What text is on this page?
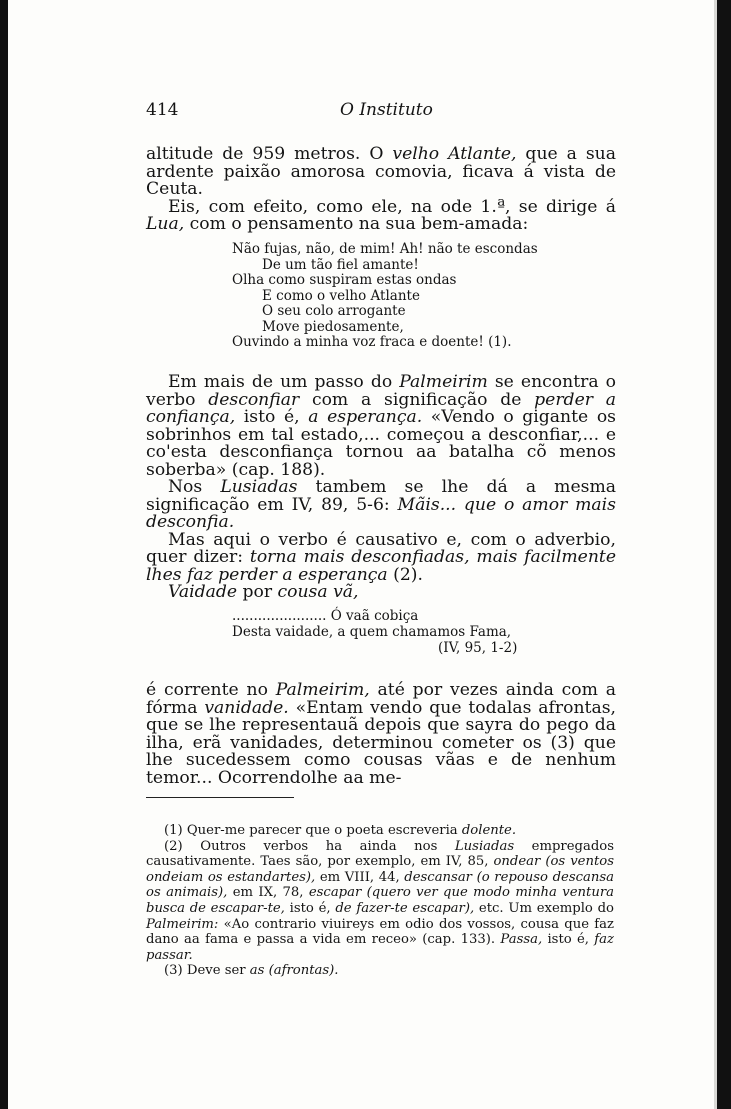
414	O Instituto

altitude de 959 metros. O velho Atlante, que a sua ardente paixão amorosa comovia, ficava á vista de Ceuta.

Eis, com efeito, como ele, na ode 1.ª, se dirige á Lua, com o pensamento na sua bem-amada:

Não fujas, não, de mim! Ah! não te escondas
De um tão fiel amante!
Olha como suspiram estas ondas
E como o velho Atlante
O seu colo arrogante
Move piedosamente,
Ouvindo a minha voz fraca e doente! (1).

Em mais de um passo do Palmeirim se encontra o verbo desconfiar com a significação de perder a confiança, isto é, a esperança. «Vendo o gigante os sobrinhos em tal estado,... começou a desconfiar,... e co'esta desconfiança tornou aa batalha cõ menos soberba» (cap. 188).

Nos Lusiadas tambem se lhe dá a mesma significação em IV, 89, 5-6: Mãis... que o amor mais desconfia.

Mas aqui o verbo é causativo e, com o adverbio, quer dizer: torna mais desconfiadas, mais facilmente lhes faz perder a esperança (2).

Vaidade por cousa vã,

...................... Ó vaã cobiça
Desta vaidade, a quem chamamos Fama,
(IV, 95, 1-2)

é corrente no Palmeirim, até por vezes ainda com a fórma vanidade. «Entam vendo que todalas afrontas, que se lhe representauã depois que sayra do pego da ilha, erã vanidades, determinou cometer os (3) que lhe sucedessem como cousas vãas e de nenhum temor... Ocorrendolhe aa me-

(1) Quer-me parecer que o poeta escreveria dolente.

(2) Outros verbos ha ainda nos Lusiadas empregados causativamente. Taes são, por exemplo, em IV, 85, ondear (os ventos ondeiam os estandartes), em VIII, 44, descansar (o repouso descansa os animais), em IX, 78, escapar (quero ver que modo minha ventura busca de escapar-te, isto é, de fazer-te escapar), etc. Um exemplo do Palmeirim: «Ao contrario viuireys em odio dos vossos, cousa que faz dano aa fama e passa a vida em receo» (cap. 133). Passa, isto é, faz passar.

(3) Deve ser as (afrontas).
